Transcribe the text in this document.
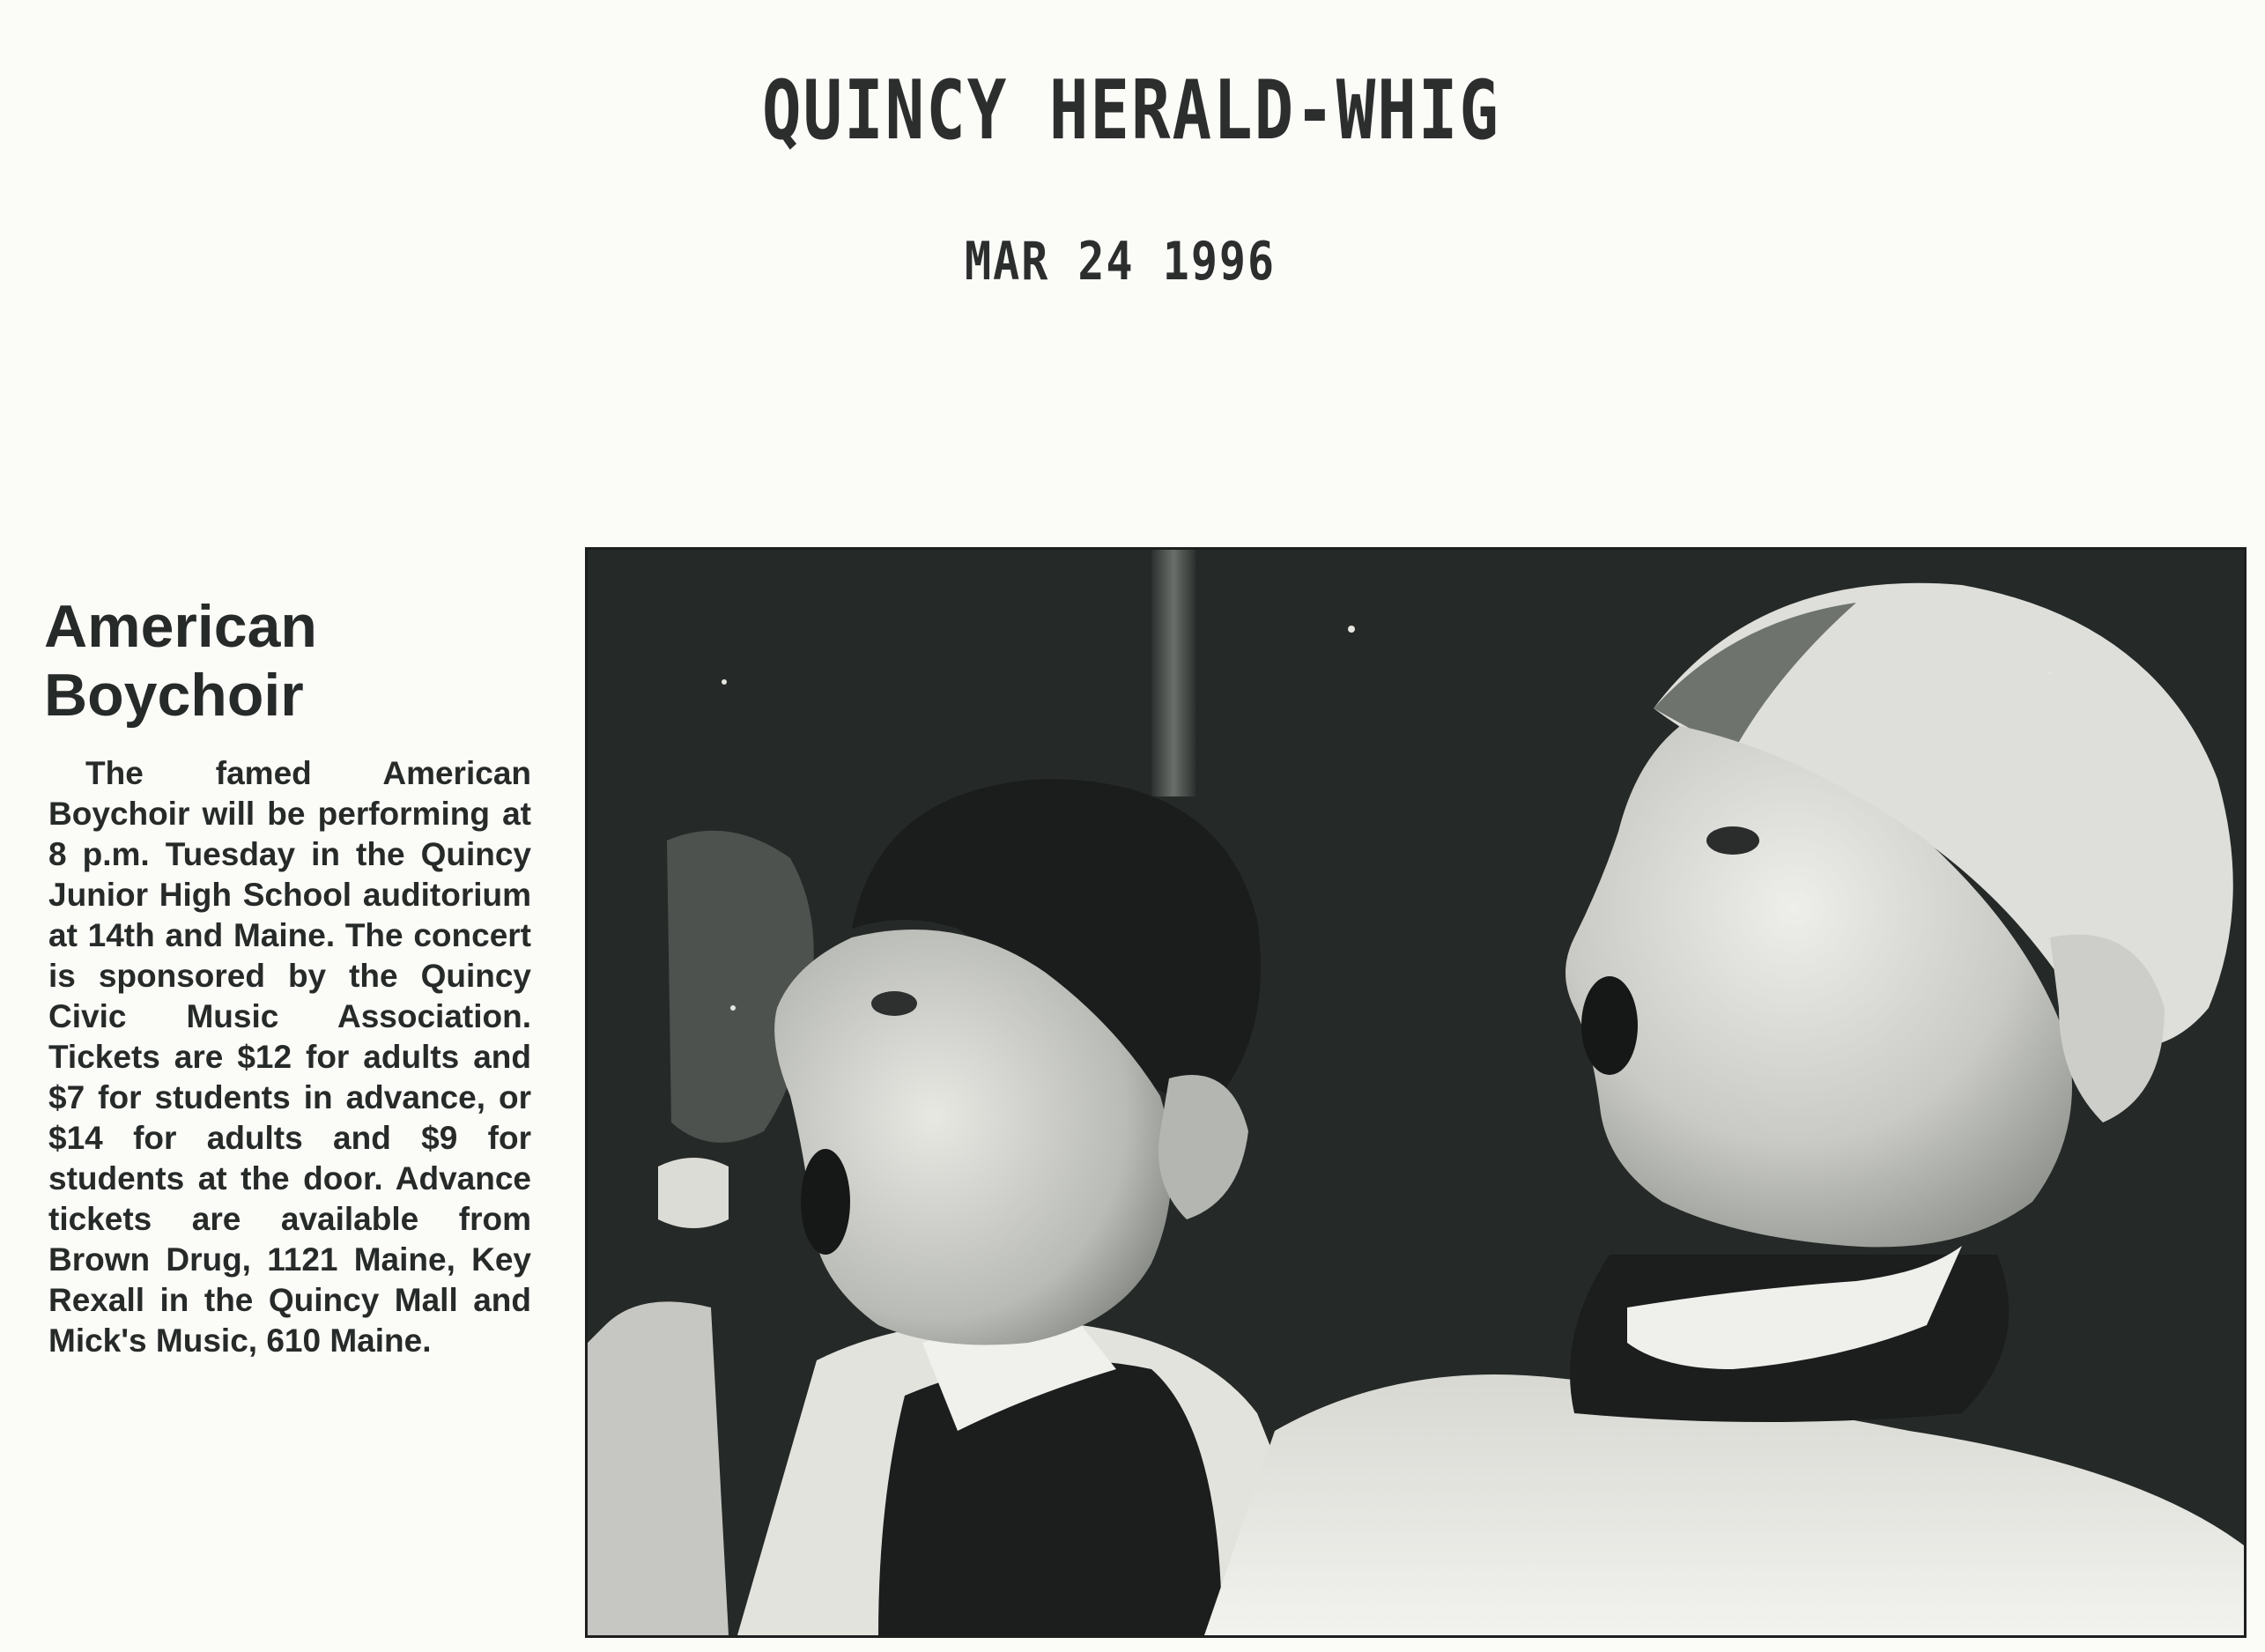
QUINCY HERALD-WHIG
MAR 24 1996
American Boychoir

The famed American Boychoir will be performing at 8 p.m. Tuesday in the Quincy Junior High School auditorium at 14th and Maine. The concert is sponsored by the Quincy Civic Music Association. Tickets are $12 for adults and $7 for students in advance, or $14 for adults and $9 for students at the door. Advance tickets are available from Brown Drug, 1121 Maine, Key Rexall in the Quincy Mall and Mick's Music, 610 Maine.
